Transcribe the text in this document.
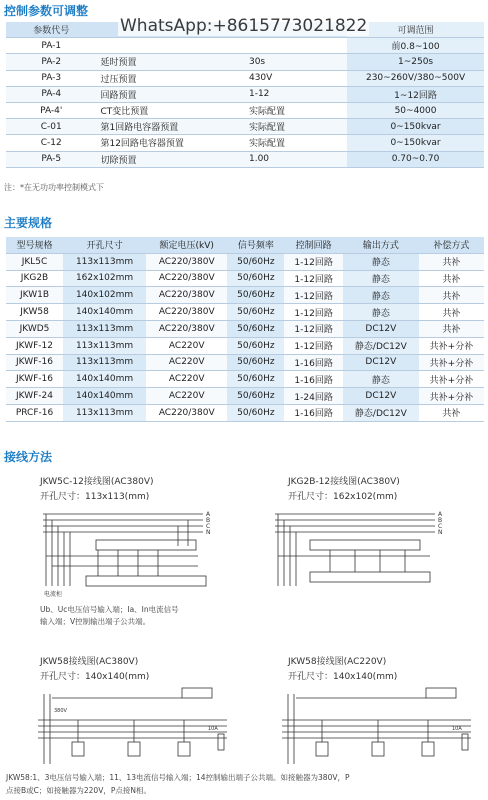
控制参数可调整
参数代号			可调范围
PA-1			前0.8~100
PA-2	延时预置	30s	1~250s
PA-3	过压预置	430V	230~260V/380~500V
PA-4	回路预置	1-12	1~12回路
PA-4'	CT变比预置	实际配置	50~4000
C-01	第1回路电容器预置	实际配置	0~150kvar
C-12	第12回路电容器预置	实际配置	0~150kvar
PA-5	切除预置	1.00	0.70~0.70
WhatsApp:+8615773021822
注：*在无功功率控制模式下
主要规格
型号规格	开孔尺寸	额定电压(kV)	信号频率	控制回路	输出方式	补偿方式
JKL5C	113x113mm	AC220/380V	50/60Hz	1-12回路	静态	共补
JKG2B	162x102mm	AC220/380V	50/60Hz	1-12回路	静态	共补
JKW1B	140x102mm	AC220/380V	50/60Hz	1-12回路	静态	共补
JKW58	140x140mm	AC220/380V	50/60Hz	1-12回路	静态	共补
JKWD5	113x113mm	AC220/380V	50/60Hz	1-12回路	DC12V	共补
JKWF-12	113x113mm	AC220V	50/60Hz	1-12回路	静态/DC12V	共补+分补
JKWF-16	113x113mm	AC220V	50/60Hz	1-16回路	DC12V	共补+分补
JKWF-16	140x140mm	AC220V	50/60Hz	1-16回路	静态	共补+分补
JKWF-24	140x140mm	AC220V	50/60Hz	1-24回路	DC12V	共补+分补
PRCF-16	113x113mm	AC220/380V	50/60Hz	1-16回路	静态/DC12V	共补
接线方法
JKW5C-12接线图(AC380V)
开孔尺寸：113x113(mm)
A
B
C
N
电流柜
Ub、Uc电压信号输入端；Ia、In电流信号
输入端；V控制输出端子公共端。
JKG2B-12接线图(AC380V)
开孔尺寸：162x102(mm)
A
B
C
N
JKW58接线图(AC380V)
开孔尺寸：140x140(mm)
380V
10A
JKW58接线图(AC220V)
开孔尺寸：140x140(mm)
10A
JKW58:1、3电压信号输入端；11、13电流信号输入端；14控制输出端子公共端。如接触器为380V，P
点接B或C；如接触器为220V，P点接N相。
